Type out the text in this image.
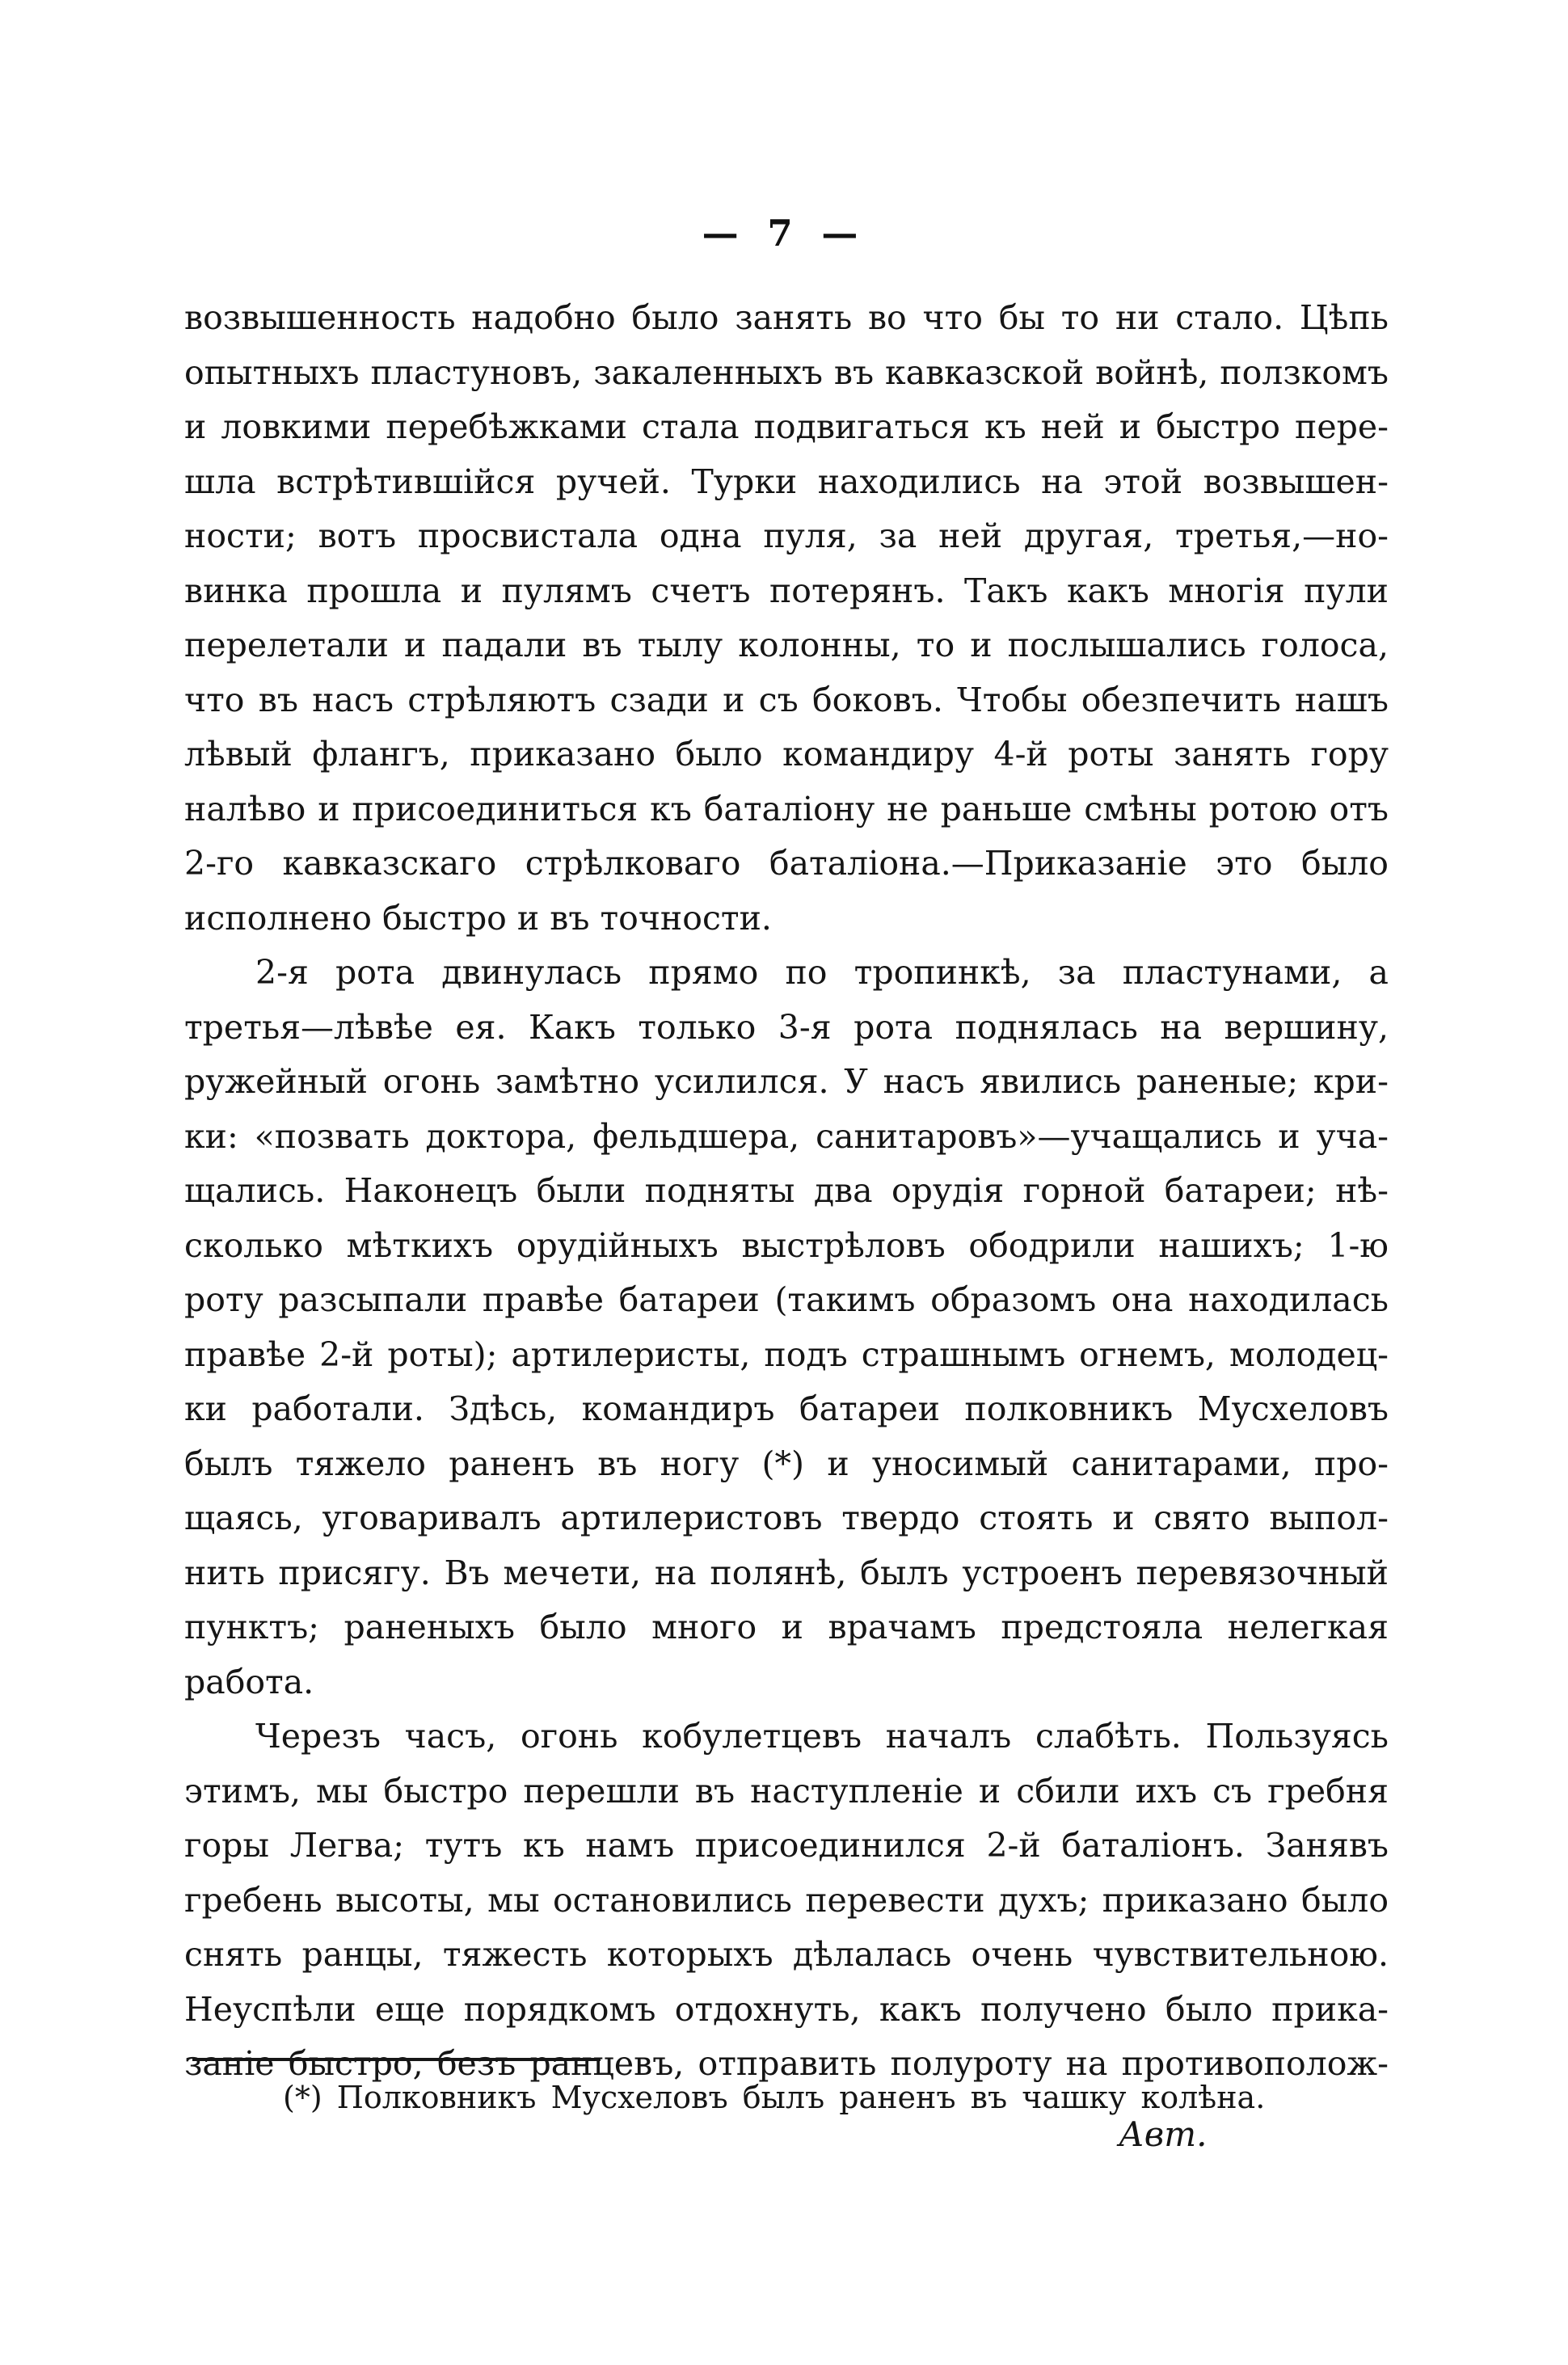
— 7 —
возвышенность надобно было занять во что бы то ни стало. Цѣпь
опытныхъ пластуновъ, закаленныхъ въ кавказской войнѣ, ползкомъ
и ловкими перебѣжками стала подвигаться къ ней и быстро пере-
шла встрѣтившійся ручей. Турки находились на этой возвышен-
ности; вотъ просвистала одна пуля, за ней другая, третья,—но-
винка прошла и пулямъ счетъ потерянъ. Такъ какъ многія пули
перелетали и падали въ тылу колонны, то и послышались голоса,
что въ насъ стрѣляютъ сзади и съ боковъ. Чтобы обезпечить нашъ
лѣвый флангъ, приказано было командиру 4-й роты занять гору
налѣво и присоединиться къ баталіону не раньше смѣны ротою отъ
2-го кавказскаго стрѣлковаго баталіона.—Приказаніе это было
исполнено быстро и въ точности.
2-я рота двинулась прямо по тропинкѣ, за пластунами, а
третья—лѣвѣе ея. Какъ только 3-я рота поднялась на вершину,
ружейный огонь замѣтно усилился. У насъ явились раненые; кри-
ки: «позвать доктора, фельдшера, санитаровъ»—учащались и уча-
щались. Наконецъ были подняты два орудія горной батареи; нѣ-
сколько мѣткихъ орудійныхъ выстрѣловъ ободрили нашихъ; 1-ю
роту разсыпали правѣе батареи (такимъ образомъ она находилась
правѣе 2-й роты); артилеристы, подъ страшнымъ огнемъ, молодец-
ки работали. Здѣсь, командиръ батареи полковникъ Мусхеловъ
былъ тяжело раненъ въ ногу (*) и уносимый санитарами, про-
щаясь, уговаривалъ артилеристовъ твердо стоять и свято выпол-
нить присягу. Въ мечети, на полянѣ, былъ устроенъ перевязочный
пунктъ; раненыхъ было много и врачамъ предстояла нелегкая
работа.
Черезъ часъ, огонь кобулетцевъ началъ слабѣть. Пользуясь
этимъ, мы быстро перешли въ наступленіе и сбили ихъ съ гребня
горы Легва; тутъ къ намъ присоединился 2-й баталіонъ. Занявъ
гребень высоты, мы остановились перевести духъ; приказано было
снять ранцы, тяжесть которыхъ дѣлалась очень чувствительною.
Неуспѣли еще порядкомъ отдохнуть, какъ получено было прика-
заніе быстро, безъ ранцевъ, отправить полуроту на противополож-
(*) Полковникъ Мусхеловъ былъ раненъ въ чашку колѣна.
Авт.
